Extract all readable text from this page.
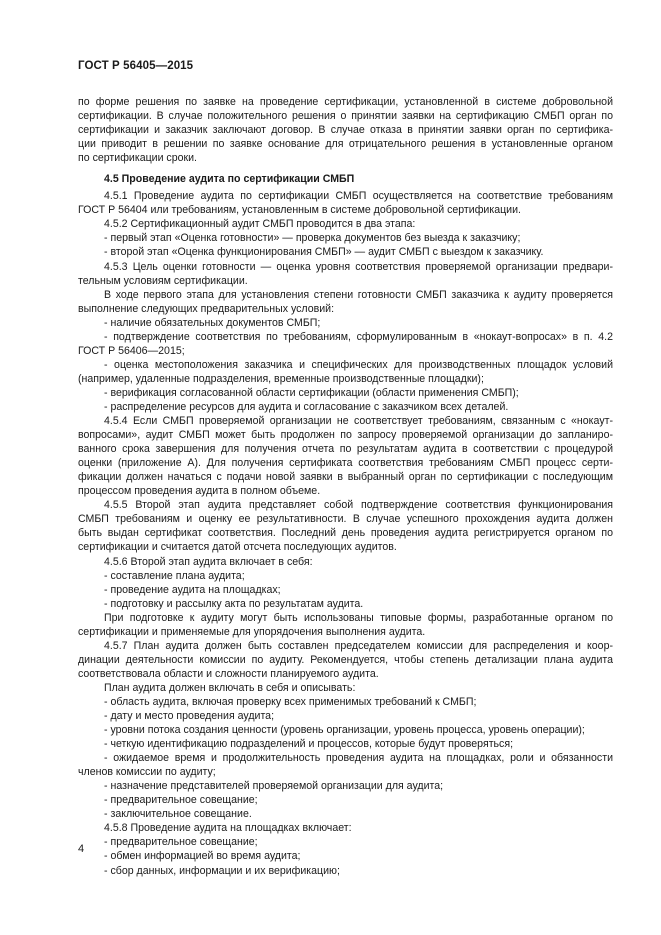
ГОСТ Р 56405—2015
по форме решения по заявке на проведение сертификации, установленной в системе добровольной
сертификации. В случае положительного решения о принятии заявки на сертификацию СМБП орган по
сертификации и заказчик заключают договор. В случае отказа в принятии заявки орган по сертифика-
ции приводит в решении по заявке основание для отрицательного решения в установленные органом
по сертификации сроки.
4.5 Проведение аудита по сертификации СМБП
4.5.1 Проведение аудита по сертификации СМБП осуществляется на соответствие требованиям
ГОСТ Р 56404 или требованиям, установленным в системе добровольной сертификации.
4.5.2 Сертификационный аудит СМБП проводится в два этапа:
- первый этап «Оценка готовности» — проверка документов без выезда к заказчику;
- второй этап «Оценка функционирования СМБП» — аудит СМБП с выездом к заказчику.
4.5.3 Цель оценки готовности — оценка уровня соответствия проверяемой организации предвари-
тельным условиям сертификации.
В ходе первого этапа для установления степени готовности СМБП заказчика к аудиту проверяется
выполнение следующих предварительных условий:
- наличие обязательных документов СМБП;
- подтверждение соответствия по требованиям, сформулированным в «нокаут-вопросах» в п. 4.2
ГОСТ Р 56406—2015;
- оценка местоположения заказчика и специфических для производственных площадок условий
(например, удаленные подразделения, временные производственные площадки);
- верификация согласованной области сертификации (области применения СМБП);
- распределение ресурсов для аудита и согласование с заказчиком всех деталей.
4.5.4 Если СМБП проверяемой организации не соответствует требованиям, связанным с «нокаут-
вопросами», аудит СМБП может быть продолжен по запросу проверяемой организации до запланиро-
ванного срока завершения для получения отчета по результатам аудита в соответствии с процедурой
оценки (приложение А). Для получения сертификата соответствия требованиям СМБП процесс серти-
фикации должен начаться с подачи новой заявки в выбранный орган по сертификации с последующим
процессом проведения аудита в полном объеме.
4.5.5 Второй этап аудита представляет собой подтверждение соответствия функционирования
СМБП требованиям и оценку ее результативности. В случае успешного прохождения аудита должен
быть выдан сертификат соответствия. Последний день проведения аудита регистрируется органом по
сертификации и считается датой отсчета последующих аудитов.
4.5.6 Второй этап аудита включает в себя:
- составление плана аудита;
- проведение аудита на площадках;
- подготовку и рассылку акта по результатам аудита.
При подготовке к аудиту могут быть использованы типовые формы, разработанные органом по
сертификации и применяемые для упорядочения выполнения аудита.
4.5.7 План аудита должен быть составлен председателем комиссии для распределения и коор-
динации деятельности комиссии по аудиту. Рекомендуется, чтобы степень детализации плана аудита
соответствовала области и сложности планируемого аудита.
План аудита должен включать в себя и описывать:
- область аудита, включая проверку всех применимых требований к СМБП;
- дату и место проведения аудита;
- уровни потока создания ценности (уровень организации, уровень процесса, уровень операции);
- четкую идентификацию подразделений и процессов, которые будут проверяться;
- ожидаемое время и продолжительность проведения аудита на площадках, роли и обязанности
членов комиссии по аудиту;
- назначение представителей проверяемой организации для аудита;
- предварительное совещание;
- заключительное совещание.
4.5.8 Проведение аудита на площадках включает:
- предварительное совещание;
- обмен информацией во время аудита;
- сбор данных, информации и их верификацию;
4
